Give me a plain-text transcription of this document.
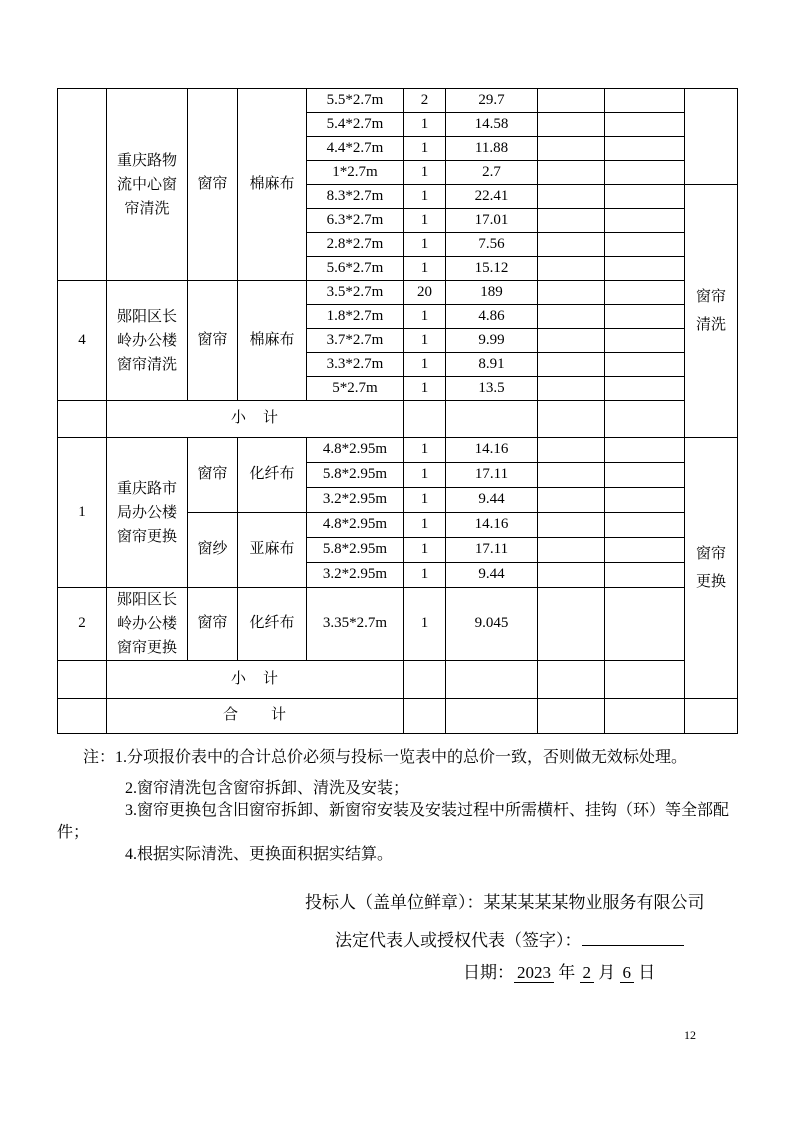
	重庆路物流中心窗帘清洗	窗帘	棉麻布	5.5*2.7m	2	29.7			
				5.4*2.7m	1	14.58			
				4.4*2.7m	1	11.88			
				1*2.7m	1	2.7			
				8.3*2.7m	1	22.41			窗帘清洗

				6.3*2.7m	1	17.01			
				2.8*2.7m	1	7.56			
				5.6*2.7m	1	15.12			
4	郧阳区长岭办公楼窗帘清洗	窗帘	棉麻布	3.5*2.7m	20	189			
				1.8*2.7m	1	4.86			
				3.7*2.7m	1	9.99			
				3.3*2.7m	1	8.91			
				5*2.7m	1	13.5			
	小　计								
1	重庆路市局办公楼窗帘更换	窗帘	化纤布	4.8*2.95m	1	14.16			窗帘更换

				5.8*2.95m	1	17.11			
				3.2*2.95m	1	9.44			
		窗纱	亚麻布	4.8*2.95m	1	14.16			
				5.8*2.95m	1	17.11			
				3.2*2.95m	1	9.44			
2	郧阳区长岭办公楼窗帘更换	窗帘	化纤布	3.35*2.7m	1	9.045			
	小　计								
	合　　计								

注：1.分项报价表中的合计总价必须与投标一览表中的总价一致，否则做无效标处理。

2.窗帘清洗包含窗帘拆卸、清洗及安装；

3.窗帘更换包含旧窗帘拆卸、新窗帘安装及安装过程中所需横杆、挂钩（环）等全部配件；

4.根据实际清洗、更换面积据实结算。

投标人（盖单位鲜章）：某某某某某物业服务有限公司
法定代表人或授权代表（签字）：
日期： 2023 年 2 月 6 日
12
